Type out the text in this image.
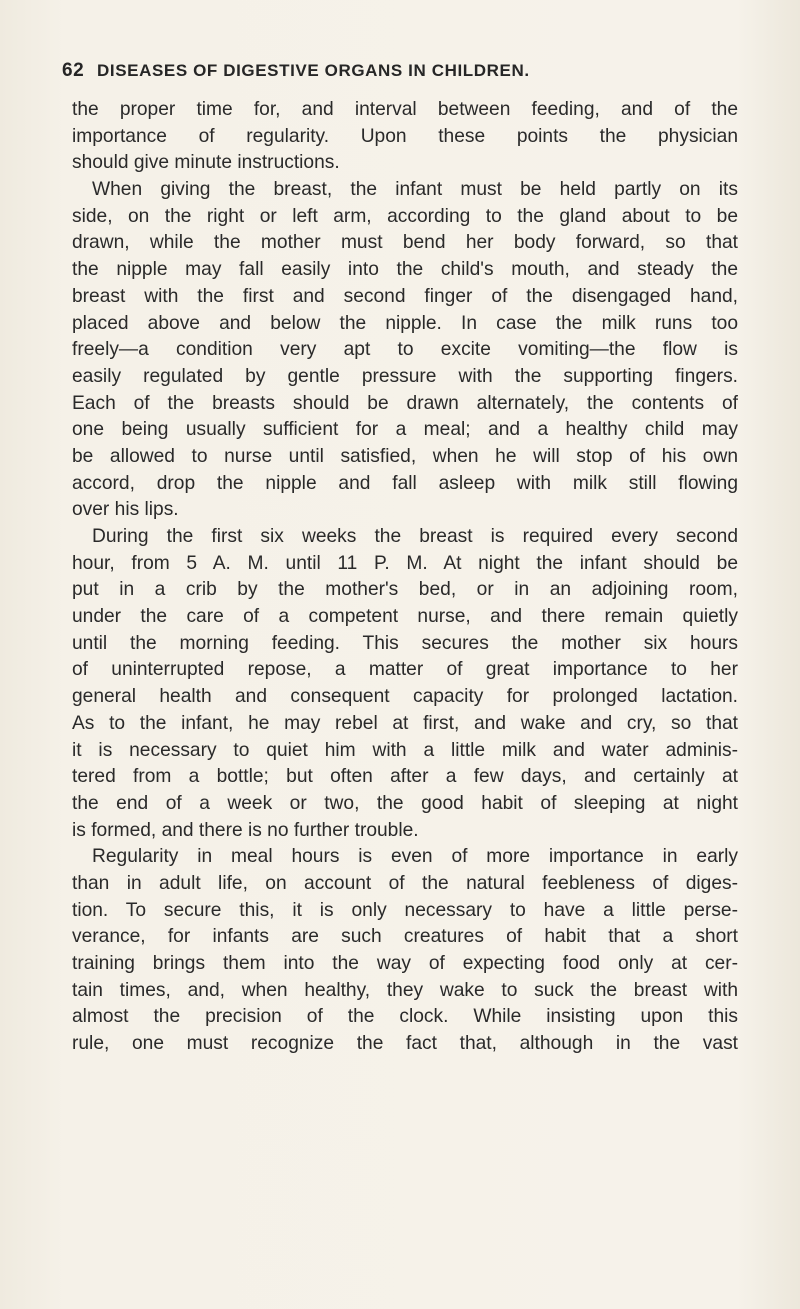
62 DISEASES OF DIGESTIVE ORGANS IN CHILDREN.
the proper time for, and interval between feeding, and of the
importance of regularity. Upon these points the physician
should give minute instructions.
When giving the breast, the infant must be held partly on its
side, on the right or left arm, according to the gland about to be
drawn, while the mother must bend her body forward, so that
the nipple may fall easily into the child's mouth, and steady the
breast with the first and second finger of the disengaged hand,
placed above and below the nipple. In case the milk runs too
freely—a condition very apt to excite vomiting—the flow is
easily regulated by gentle pressure with the supporting fingers.
Each of the breasts should be drawn alternately, the contents of
one being usually sufficient for a meal; and a healthy child may
be allowed to nurse until satisfied, when he will stop of his own
accord, drop the nipple and fall asleep with milk still flowing
over his lips.
During the first six weeks the breast is required every second
hour, from 5 A. M. until 11 P. M. At night the infant should be
put in a crib by the mother's bed, or in an adjoining room,
under the care of a competent nurse, and there remain quietly
until the morning feeding. This secures the mother six hours
of uninterrupted repose, a matter of great importance to her
general health and consequent capacity for prolonged lactation.
As to the infant, he may rebel at first, and wake and cry, so that
it is necessary to quiet him with a little milk and water adminis-
tered from a bottle; but often after a few days, and certainly at
the end of a week or two, the good habit of sleeping at night
is formed, and there is no further trouble.
Regularity in meal hours is even of more importance in early
than in adult life, on account of the natural feebleness of diges-
tion. To secure this, it is only necessary to have a little perse-
verance, for infants are such creatures of habit that a short
training brings them into the way of expecting food only at cer-
tain times, and, when healthy, they wake to suck the breast with
almost the precision of the clock. While insisting upon this
rule, one must recognize the fact that, although in the vast
